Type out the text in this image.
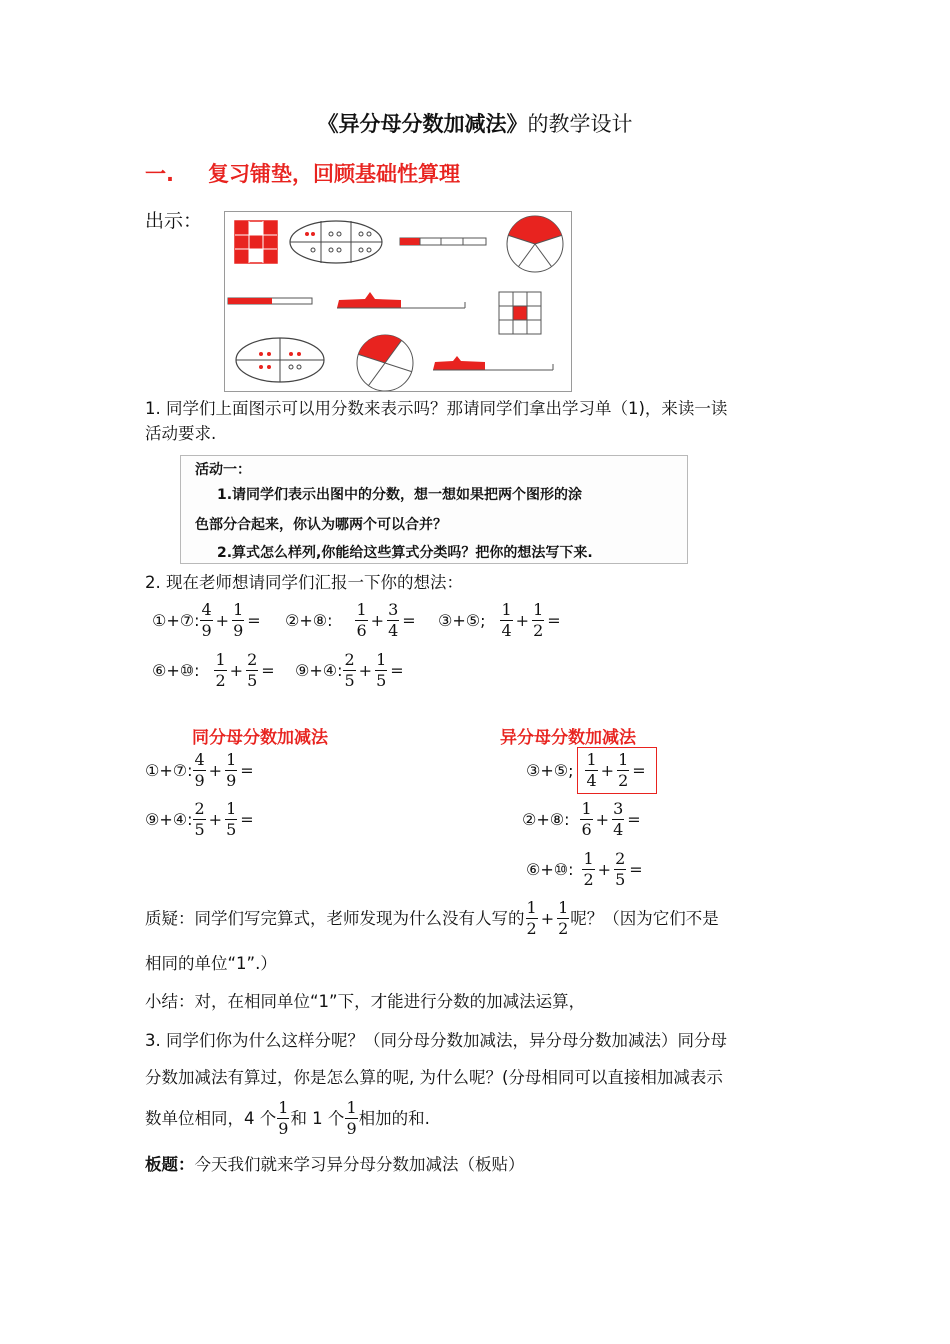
《异分母分数加减法》的教学设计
一. 复习铺垫，回顾基础性算理
出示：
1. 同学们上面图示可以用分数来表示吗？那请同学们拿出学习单（1)，来读一读
活动要求.
活动一：
1.请同学们表示出图中的分数，想一想如果把两个图形的涂
色部分合起来，你认为哪两个可以合并？
2.算式怎么样列,你能给这些算式分类吗？把你的想法写下来.
2. 现在老师想请同学们汇报一下你的想法：
①+⑦: $\frac{4}{9} + \frac{1}{9}$ = ②+⑧: $\frac{1}{6} + \frac{3}{4}$ = ③+⑤; $\frac{1}{4} + \frac{1}{2}$ =
⑥+⑩: $\frac{1}{2} + \frac{2}{5}$ = ⑨+④: $\frac{2}{5} + \frac{1}{5}$ =
同分母分数加减法	异分母分数加减法
①+⑦: $\frac{4}{9} + \frac{1}{9}$ =
⑨+④: $\frac{2}{5} + \frac{1}{5}$ =
③+⑤; $\frac{1}{4} + \frac{1}{2}$ =
②+⑧: $\frac{1}{6} + \frac{3}{4}$ =
⑥+⑩: $\frac{1}{2} + \frac{2}{5}$ =
质疑：同学们写完算式，老师发现为什么没有人写的 $\frac{1}{2} + \frac{1}{2}$ 呢？（因为它们不是
相同的单位“1”.）
小结：对，在相同单位“1”下，才能进行分数的加减法运算，
3. 同学们你为什么这样分呢？（同分母分数加减法，异分母分数加减法）同分母
分数加减法有算过，你是怎么算的呢, 为什么呢？(分母相同可以直接相加减表示
数单位相同，4 个 $\frac{1}{9}$ 和 1 个 $\frac{1}{9}$ 相加的和.
板题：今天我们就来学习异分母分数加减法（板贴）
